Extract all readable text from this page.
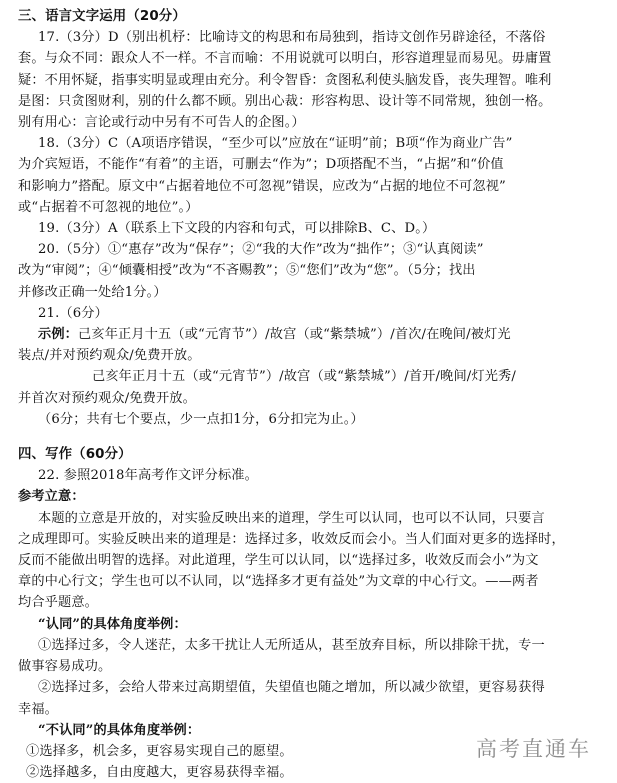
三、语言文字运用（20分）
17.（3分）D（别出机杼：比喻诗文的构思和布局独到，指诗文创作另辟途径，不落俗
套。与众不同：跟众人不一样。不言而喻：不用说就可以明白，形容道理显而易见。毋庸置
疑：不用怀疑，指事实明显或理由充分。利令智昏：贪图私利使头脑发昏，丧失理智。唯利
是图：只贪图财利，别的什么都不顾。别出心裁：形容构思、设计等不同常规，独创一格。
别有用心：言论或行动中另有不可告人的企图。）
18.（3分）C（A项语序错误，“至少可以”应放在“证明”前；B项“作为商业广告”
为介宾短语，不能作“有着”的主语，可删去“作为”；D项搭配不当，“占据”和“价值
和影响力”搭配。原文中“占据着地位不可忽视”错误，应改为“占据的地位不可忽视”
或“占据着不可忽视的地位”。）
19.（3分）A（联系上下文段的内容和句式，可以排除B、C、D。）
20.（5分）①“惠存”改为“保存”；②“我的大作”改为“拙作”；③“认真阅读”
改为“审阅”；④“倾囊相授”改为“不吝赐教”；⑤“您们”改为“您”。（5分；找出
并修改正确一处给1分。）
21.（6分）
示例：己亥年正月十五（或“元宵节”）/故宫（或“紫禁城”）/首次/在晚间/被灯光
装点/并对预约观众/免费开放。
己亥年正月十五（或“元宵节”）/故宫（或“紫禁城”）/首开/晚间/灯光秀/
并首次对预约观众/免费开放。
（6分；共有七个要点，少一点扣1分，6分扣完为止。）
四、写作（60分）
22. 参照2018年高考作文评分标准。
参考立意：
本题的立意是开放的，对实验反映出来的道理，学生可以认同，也可以不认同，只要言
之成理即可。实验反映出来的道理是：选择过多，收效反而会小。当人们面对更多的选择时，
反而不能做出明智的选择。对此道理，学生可以认同，以“选择过多，收效反而会小”为文
章的中心行文；学生也可以不认同，以“选择多才更有益处”为文章的中心行文。——两者
均合乎题意。
“认同”的具体角度举例：
①选择过多，令人迷茫，太多干扰让人无所适从，甚至放弃目标，所以排除干扰，专一
做事容易成功。
②选择过多，会给人带来过高期望值，失望值也随之增加，所以减少欲望，更容易获得
幸福。
“不认同”的具体角度举例：
①选择多，机会多，更容易实现自己的愿望。
②选择越多，自由度越大，更容易获得幸福。
高考直通车
